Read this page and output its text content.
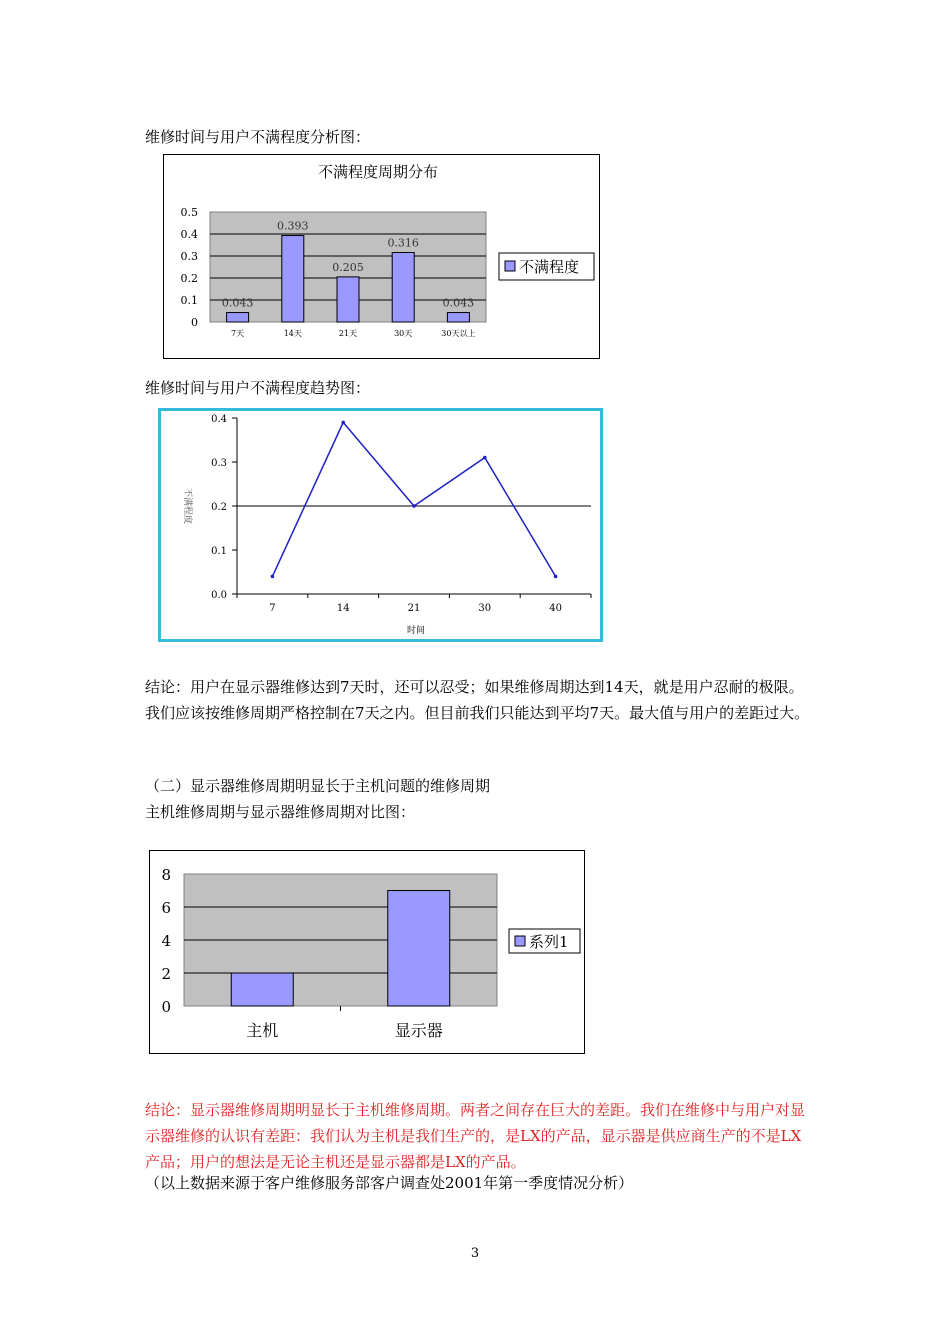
维修时间与用户不满程度分析图：
不满程度周期分布
0
0.1
0.2
0.3
0.4
0.5
0.043
7天
0.393
14天
0.205
21天
0.316
30天
0.043
30天以上
不满程度
维修时间与用户不满程度趋势图：
0.0
0.1
0.2
0.3
0.4
7	14	21	30	40
不满程度
时间
结论：用户在显示器维修达到7天时，还可以忍受；如果维修周期达到14天，就是用户忍耐的极限。我们应该按维修周期严格控制在7天之内。但目前我们只能达到平均7天。最大值与用户的差距过大。
（二）显示器维修周期明显长于主机问题的维修周期
主机维修周期与显示器维修周期对比图：
0
2
4
6
8
主机	显示器
系列1
结论：显示器维修周期明显长于主机维修周期。两者之间存在巨大的差距。我们在维修中与用户对显示器维修的认识有差距：我们认为主机是我们生产的，是LX的产品，显示器是供应商生产的不是LX产品；用户的想法是无论主机还是显示器都是LX的产品。
（以上数据来源于客户维修服务部客户调查处2001年第一季度情况分析）
3
